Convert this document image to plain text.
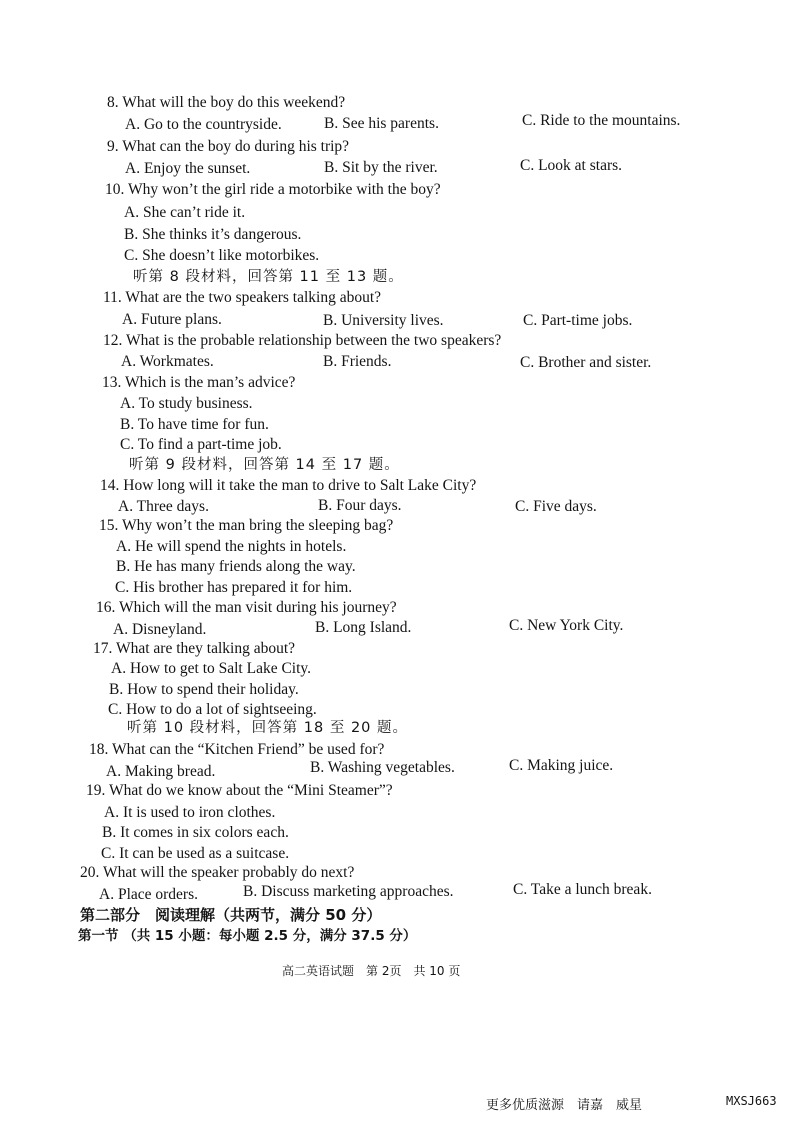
8. What will the boy do this weekend?
A. Go to the countryside.	B. See his parents.	C. Ride to the mountains.
9. What can the boy do during his trip?
A. Enjoy the sunset.	B. Sit by the river.	C. Look at stars.
10. Why won’t the girl ride a motorbike with the boy?
A. She can’t ride it.
B. She thinks it’s dangerous.
C. She doesn’t like motorbikes.
听第 8 段材料，回答第 11 至 13 题。
11. What are the two speakers talking about?
A. Future plans.	B. University lives.	C. Part-time jobs.
12. What is the probable relationship between the two speakers?
A. Workmates.	B. Friends.	C. Brother and sister.
13. Which is the man’s advice?
A. To study business.
B. To have time for fun.
C. To find a part-time job.
听第 9 段材料，回答第 14 至 17 题。
14. How long will it take the man to drive to Salt Lake City?
A. Three days.	B. Four days.	C. Five days.
15. Why won’t the man bring the sleeping bag?
A. He will spend the nights in hotels.
B. He has many friends along the way.
C. His brother has prepared it for him.
16. Which will the man visit during his journey?
A. Disneyland.	B. Long Island.	C. New York City.
17. What are they talking about?
A. How to get to Salt Lake City.
B. How to spend their holiday.
C. How to do a lot of sightseeing.
听第 10 段材料，回答第 18 至 20 题。
18. What can the “Kitchen Friend” be used for?
A. Making bread.	B. Washing vegetables.	C. Making juice.
19. What do we know about the “Mini Steamer”?
A. It is used to iron clothes.
B. It comes in six colors each.
C. It can be used as a suitcase.
20. What will the speaker probably do next?
A. Place orders.	B. Discuss marketing approaches.	C. Take a lunch break.
第二部分　阅读理解（共两节，满分 50 分）
第一节 （共 15 小题：每小题 2.5 分，满分 37.5 分）
高二英语试题　第 2页　共 10 页
更多优质滋源　请嘉　威星	MXSJ663
